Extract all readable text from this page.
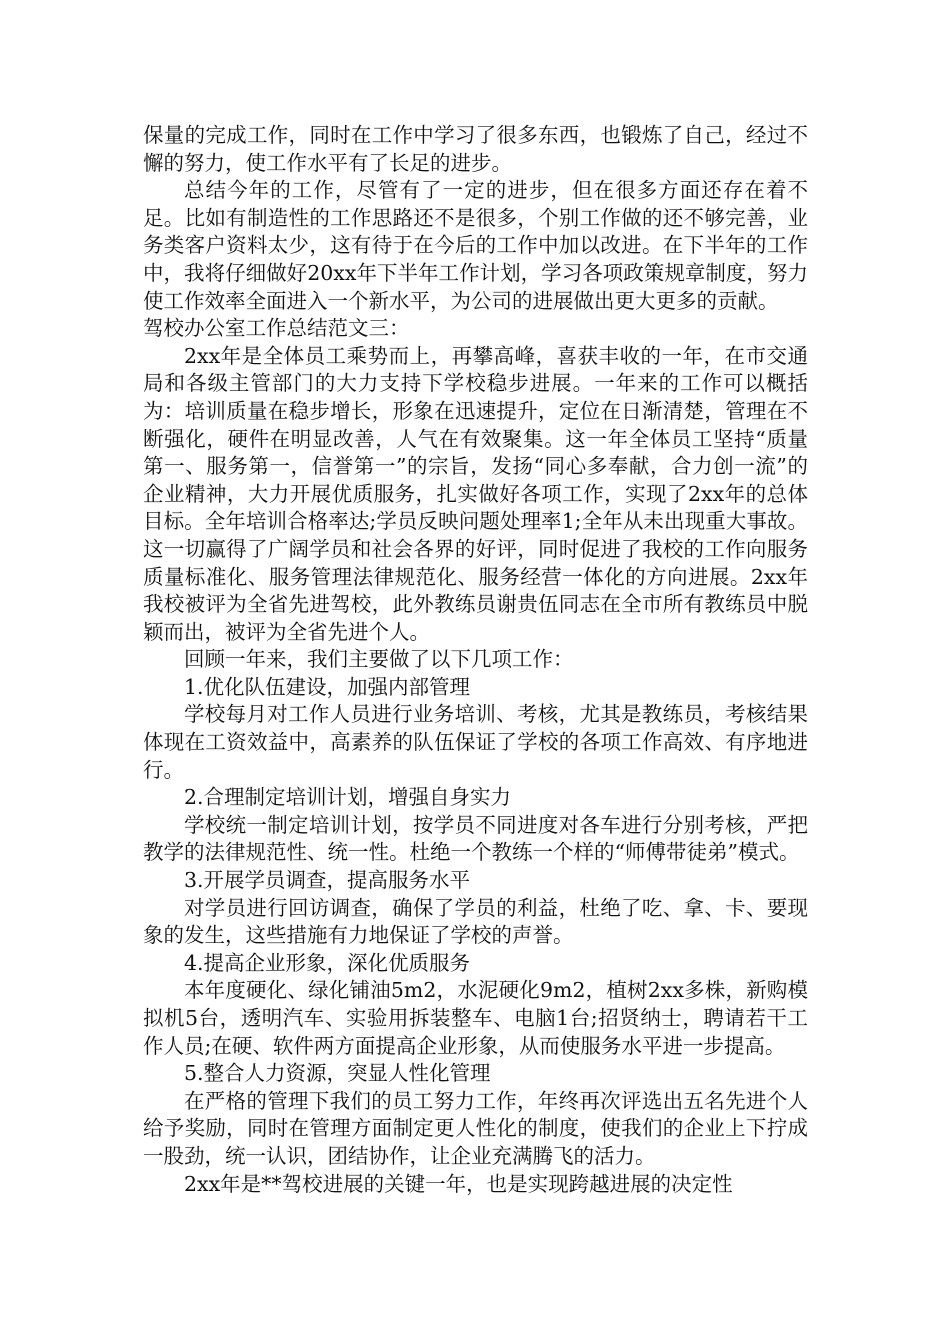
保量的完成工作，同时在工作中学习了很多东西，也锻炼了自己，经过不懈的努力，使工作水平有了长足的进步。

总结今年的工作，尽管有了一定的进步，但在很多方面还存在着不足。比如有制造性的工作思路还不是很多，个别工作做的还不够完善，业务类客户资料太少，这有待于在今后的工作中加以改进。在下半年的工作中，我将仔细做好20xx年下半年工作计划，学习各项政策规章制度，努力使工作效率全面进入一个新水平，为公司的进展做出更大更多的贡献。

驾校办公室工作总结范文三：

2xx年是全体员工乘势而上，再攀高峰，喜获丰收的一年，在市交通局和各级主管部门的大力支持下学校稳步进展。一年来的工作可以概括为：培训质量在稳步增长，形象在迅速提升，定位在日渐清楚，管理在不断强化，硬件在明显改善，人气在有效聚集。这一年全体员工坚持“质量第一、服务第一，信誉第一”的宗旨，发扬“同心多奉献，合力创一流”的企业精神，大力开展优质服务，扎实做好各项工作，实现了2xx年的总体目标。全年培训合格率达;学员反映问题处理率1;全年从未出现重大事故。这一切赢得了广阔学员和社会各界的好评，同时促进了我校的工作向服务质量标准化、服务管理法律规范化、服务经营一体化的方向进展。2xx年我校被评为全省先进驾校，此外教练员谢贵伍同志在全市所有教练员中脱颖而出，被评为全省先进个人。

回顾一年来，我们主要做了以下几项工作：

1.优化队伍建设，加强内部管理

学校每月对工作人员进行业务培训、考核，尤其是教练员，考核结果体现在工资效益中，高素养的队伍保证了学校的各项工作高效、有序地进行。

2.合理制定培训计划，增强自身实力

学校统一制定培训计划，按学员不同进度对各车进行分别考核，严把教学的法律规范性、统一性。杜绝一个教练一个样的“师傅带徒弟”模式。

3.开展学员调查，提高服务水平

对学员进行回访调查，确保了学员的利益，杜绝了吃、拿、卡、要现象的发生，这些措施有力地保证了学校的声誉。

4.提高企业形象，深化优质服务

本年度硬化、绿化铺油5m2，水泥硬化9m2，植树2xx多株，新购模拟机5台，透明汽车、实验用拆装整车、电脑1台;招贤纳士，聘请若干工作人员;在硬、软件两方面提高企业形象，从而使服务水平进一步提高。

5.整合人力资源，突显人性化管理

在严格的管理下我们的员工努力工作，年终再次评选出五名先进个人给予奖励，同时在管理方面制定更人性化的制度，使我们的企业上下拧成一股劲，统一认识，团结协作，让企业充满腾飞的活力。

2xx年是**驾校进展的关键一年，也是实现跨越进展的决定性
